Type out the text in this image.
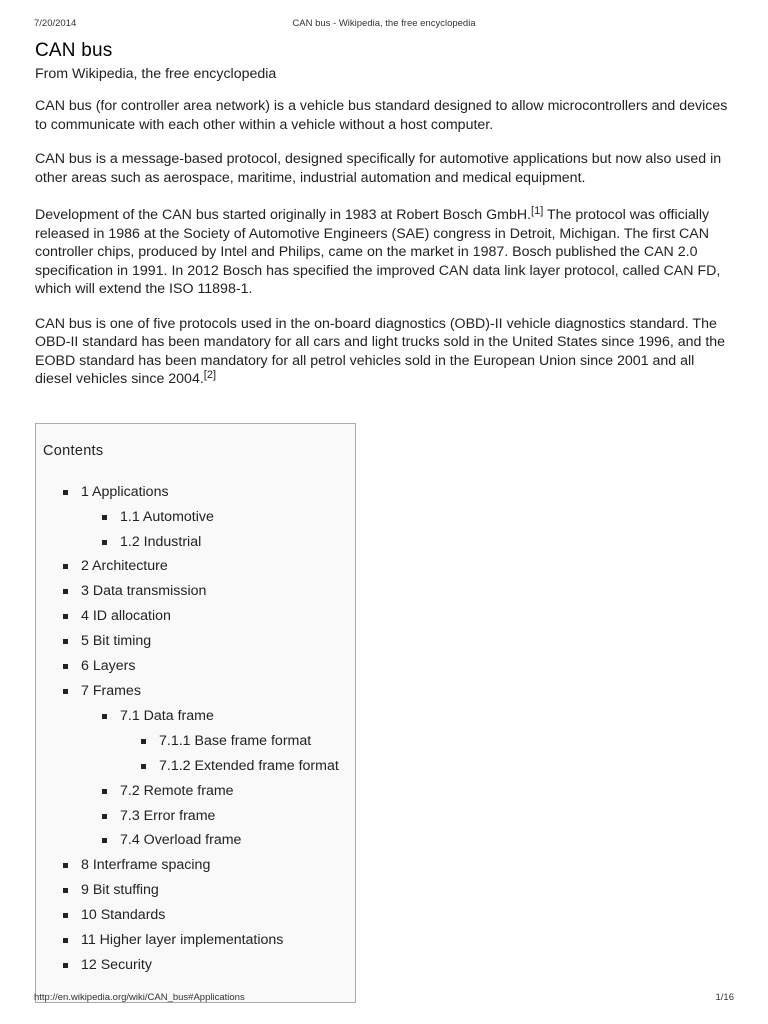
7/20/2014	CAN bus - Wikipedia, the free encyclopedia
CAN bus
From Wikipedia, the free encyclopedia

CAN bus (for controller area network) is a vehicle bus standard designed to allow microcontrollers and devices to communicate with each other within a vehicle without a host computer.

CAN bus is a message-based protocol, designed specifically for automotive applications but now also used in other areas such as aerospace, maritime, industrial automation and medical equipment.

Development of the CAN bus started originally in 1983 at Robert Bosch GmbH.[1] The protocol was officially released in 1986 at the Society of Automotive Engineers (SAE) congress in Detroit, Michigan. The first CAN controller chips, produced by Intel and Philips, came on the market in 1987. Bosch published the CAN 2.0 specification in 1991. In 2012 Bosch has specified the improved CAN data link layer protocol, called CAN FD, which will extend the ISO 11898-1.

CAN bus is one of five protocols used in the on-board diagnostics (OBD)-II vehicle diagnostics standard. The OBD-II standard has been mandatory for all cars and light trucks sold in the United States since 1996, and the EOBD standard has been mandatory for all petrol vehicles sold in the European Union since 2001 and all diesel vehicles since 2004.[2]

Contents
1 Applications
1.1 Automotive
1.2 Industrial
2 Architecture
3 Data transmission
4 ID allocation
5 Bit timing
6 Layers
7 Frames
7.1 Data frame
7.1.1 Base frame format
7.1.2 Extended frame format
7.2 Remote frame
7.3 Error frame
7.4 Overload frame
8 Interframe spacing
9 Bit stuffing
10 Standards
11 Higher layer implementations
12 Security
http://en.wikipedia.org/wiki/CAN_bus#Applications	1/16
